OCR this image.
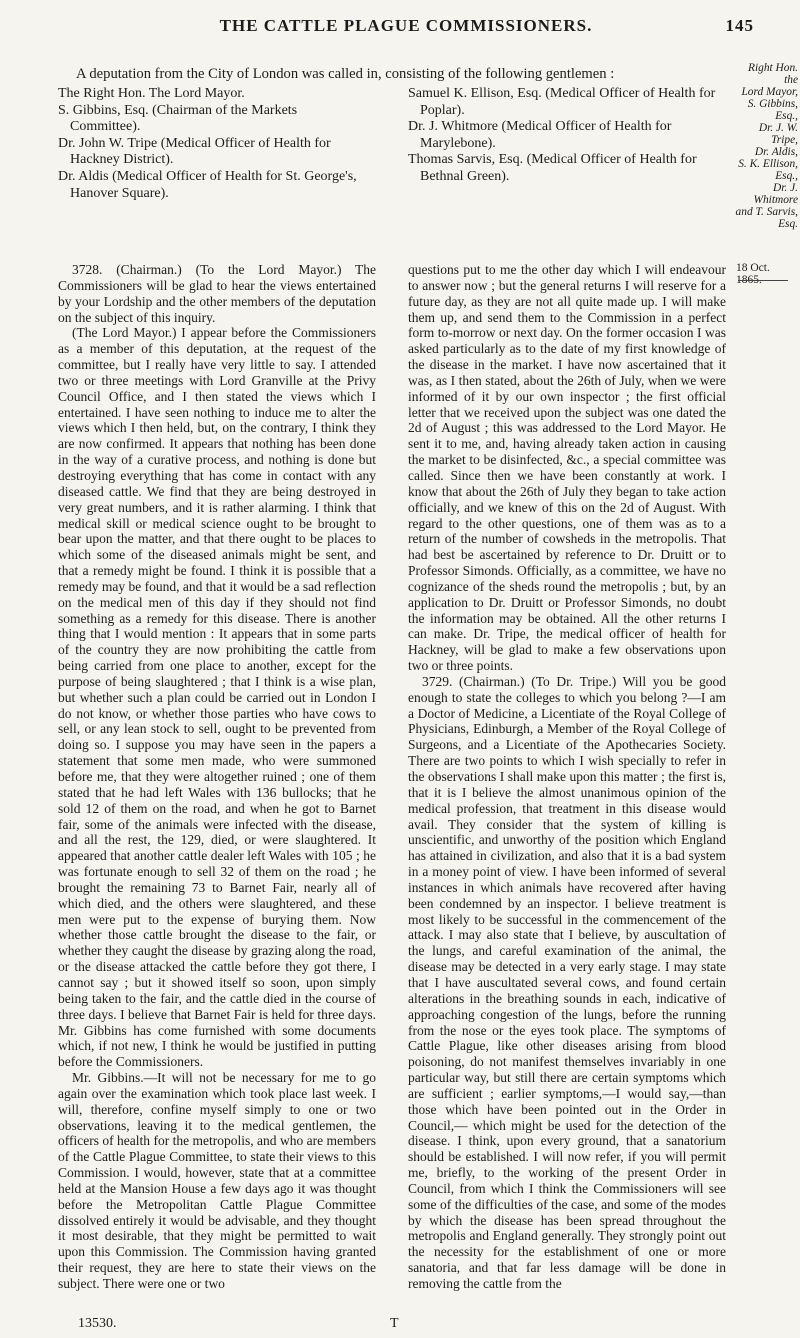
THE CATTLE PLAGUE COMMISSIONERS.	145
A deputation from the City of London was called in, consisting of the following gentlemen :

The Right Hon. The Lord Mayor.

S. Gibbins, Esq. (Chairman of the Markets Committee).

Dr. John W. Tripe (Medical Officer of Health for Hackney District).

Dr. Aldis (Medical Officer of Health for St. George's, Hanover Square).

Samuel K. Ellison, Esq. (Medical Officer of Health for Poplar).

Dr. J. Whitmore (Medical Officer of Health for Marylebone).

Thomas Sarvis, Esq. (Medical Officer of Health for Bethnal Green).

Right Hon. the
Lord Mayor,
S. Gibbins, Esq.,
Dr. J. W. Tripe,
Dr. Aldis,
S. K. Ellison,
Esq.,
Dr. J. Whitmore
and T. Sarvis,
Esq.
18 Oct. 1865.

3728. (Chairman.) (To the Lord Mayor.) The Commissioners will be glad to hear the views entertained by your Lordship and the other members of the deputation on the subject of this inquiry.

(The Lord Mayor.) I appear before the Commissioners as a member of this deputation, at the request of the committee, but I really have very little to say. I attended two or three meetings with Lord Granville at the Privy Council Office, and I then stated the views which I entertained. I have seen nothing to induce me to alter the views which I then held, but, on the contrary, I think they are now confirmed. It appears that nothing has been done in the way of a curative process, and nothing is done but destroying everything that has come in contact with any diseased cattle. We find that they are being destroyed in very great numbers, and it is rather alarming. I think that medical skill or medical science ought to be brought to bear upon the matter, and that there ought to be places to which some of the diseased animals might be sent, and that a remedy might be found. I think it is possible that a remedy may be found, and that it would be a sad reflection on the medical men of this day if they should not find something as a remedy for this disease. There is another thing that I would mention : It appears that in some parts of the country they are now prohibiting the cattle from being carried from one place to another, except for the purpose of being slaughtered ; that I think is a wise plan, but whether such a plan could be carried out in London I do not know, or whether those parties who have cows to sell, or any lean stock to sell, ought to be prevented from doing so. I suppose you may have seen in the papers a statement that some men made, who were summoned before me, that they were altogether ruined ; one of them stated that he had left Wales with 136 bullocks; that he sold 12 of them on the road, and when he got to Barnet fair, some of the animals were infected with the disease, and all the rest, the 129, died, or were slaughtered. It appeared that another cattle dealer left Wales with 105 ; he was fortunate enough to sell 32 of them on the road ; he brought the remaining 73 to Barnet Fair, nearly all of which died, and the others were slaughtered, and these men were put to the expense of burying them. Now whether those cattle brought the disease to the fair, or whether they caught the disease by grazing along the road, or the disease attacked the cattle before they got there, I cannot say ; but it showed itself so soon, upon simply being taken to the fair, and the cattle died in the course of three days. I believe that Barnet Fair is held for three days. Mr. Gibbins has come furnished with some documents which, if not new, I think he would be justified in putting before the Commissioners.

Mr. Gibbins.—It will not be necessary for me to go again over the examination which took place last week. I will, therefore, confine myself simply to one or two observations, leaving it to the medical gentlemen, the officers of health for the metropolis, and who are members of the Cattle Plague Committee, to state their views to this Commission. I would, however, state that at a committee held at the Mansion House a few days ago it was thought before the Metropolitan Cattle Plague Committee dissolved entirely it would be advisable, and they thought it most desirable, that they might be permitted to wait upon this Commission. The Commission having granted their request, they are here to state their views on the subject. There were one or two

questions put to me the other day which I will endeavour to answer now ; but the general returns I will reserve for a future day, as they are not all quite made up. I will make them up, and send them to the Commission in a perfect form to-morrow or next day. On the former occasion I was asked particularly as to the date of my first knowledge of the disease in the market. I have now ascertained that it was, as I then stated, about the 26th of July, when we were informed of it by our own inspector ; the first official letter that we received upon the subject was one dated the 2d of August ; this was addressed to the Lord Mayor. He sent it to me, and, having already taken action in causing the market to be disinfected, &c., a special committee was called. Since then we have been constantly at work. I know that about the 26th of July they began to take action officially, and we knew of this on the 2d of August. With regard to the other questions, one of them was as to a return of the number of cowsheds in the metropolis. That had best be ascertained by reference to Dr. Druitt or to Professor Simonds. Officially, as a committee, we have no cognizance of the sheds round the metropolis ; but, by an application to Dr. Druitt or Professor Simonds, no doubt the information may be obtained. All the other returns I can make. Dr. Tripe, the medical officer of health for Hackney, will be glad to make a few observations upon two or three points.

3729. (Chairman.) (To Dr. Tripe.) Will you be good enough to state the colleges to which you belong ?—I am a Doctor of Medicine, a Licentiate of the Royal College of Physicians, Edinburgh, a Member of the Royal College of Surgeons, and a Licentiate of the Apothecaries Society. There are two points to which I wish specially to refer in the observations I shall make upon this matter ; the first is, that it is I believe the almost unanimous opinion of the medical profession, that treatment in this disease would avail. They consider that the system of killing is unscientific, and unworthy of the position which England has attained in civilization, and also that it is a bad system in a money point of view. I have been informed of several instances in which animals have recovered after having been condemned by an inspector. I believe treatment is most likely to be successful in the commencement of the attack. I may also state that I believe, by auscultation of the lungs, and careful examination of the animal, the disease may be detected in a very early stage. I may state that I have auscultated several cows, and found certain alterations in the breathing sounds in each, indicative of approaching congestion of the lungs, before the running from the nose or the eyes took place. The symptoms of Cattle Plague, like other diseases arising from blood poisoning, do not manifest themselves invariably in one particular way, but still there are certain symptoms which are sufficient ; earlier symptoms,—I would say,—than those which have been pointed out in the Order in Council,— which might be used for the detection of the disease. I think, upon every ground, that a sanatorium should be established. I will now refer, if you will permit me, briefly, to the working of the present Order in Council, from which I think the Commissioners will see some of the difficulties of the case, and some of the modes by which the disease has been spread throughout the metropolis and England generally. They strongly point out the necessity for the establishment of one or more sanatoria, and that far less damage will be done in removing the cattle from the

13530.	T
